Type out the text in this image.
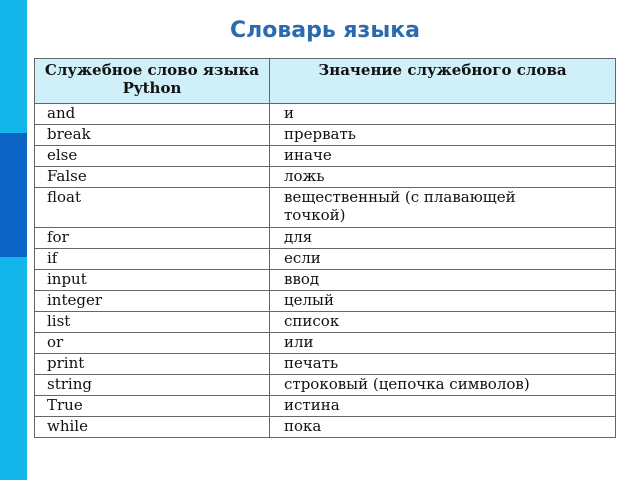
Словарь языка
Служебное слово языка Python	Значение служебного слова
and	и
break	прервать
else	иначе
False	ложь
float	вещественный (с плавающей точкой)
for	для
if	если
input	ввод
integer	целый
list	список
or	или
print	печать
string	строковый (цепочка символов)
True	истина
while	пока
